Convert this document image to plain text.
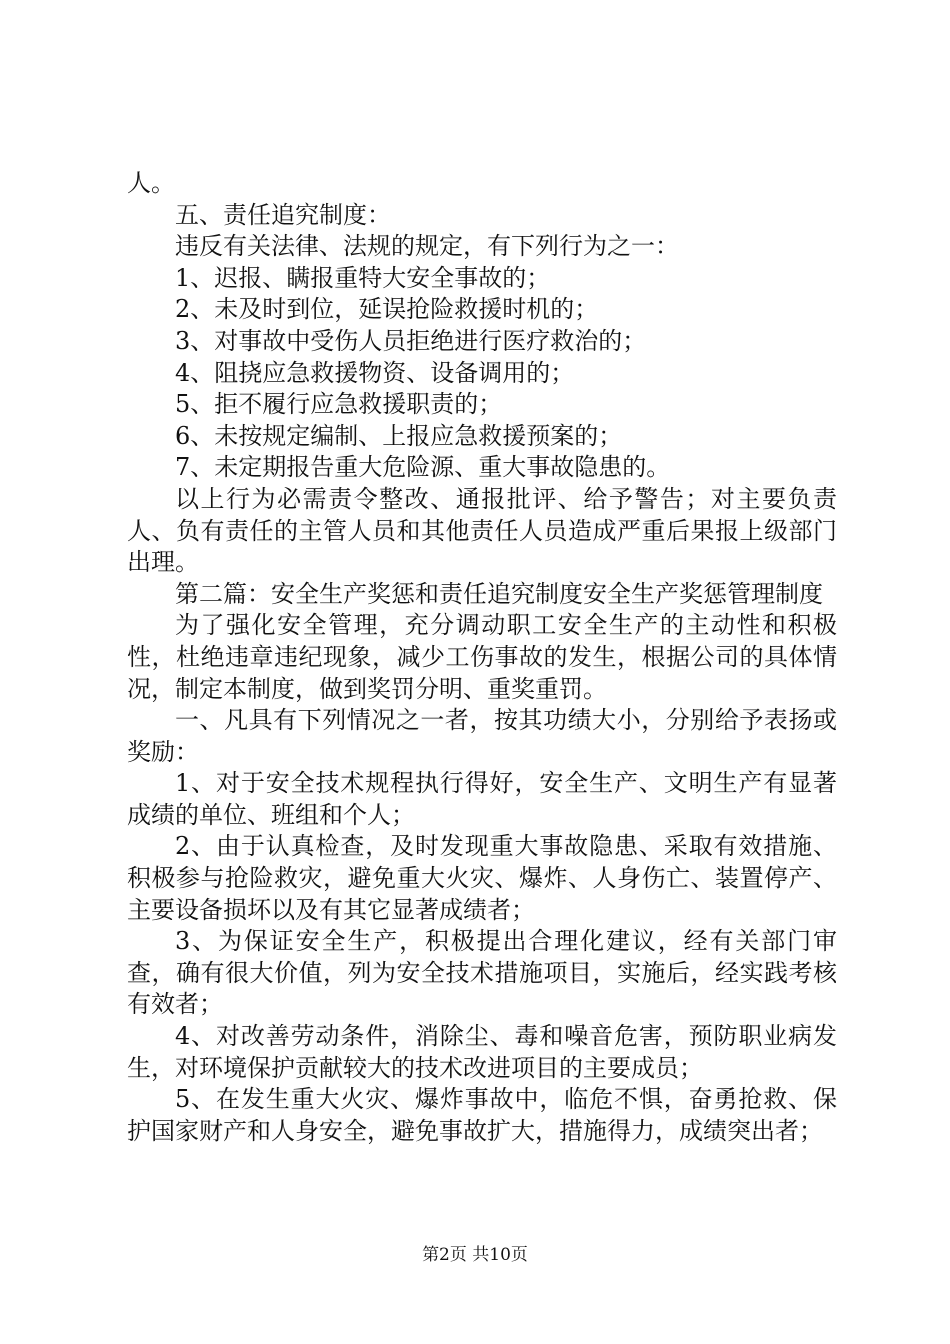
人。

五、责任追究制度：

违反有关法律、法规的规定，有下列行为之一：

1、迟报、瞒报重特大安全事故的；

2、未及时到位，延误抢险救援时机的；

3、对事故中受伤人员拒绝进行医疗救治的；

4、阻挠应急救援物资、设备调用的；

5、拒不履行应急救援职责的；

6、未按规定编制、上报应急救援预案的；

7、未定期报告重大危险源、重大事故隐患的。

以上行为必需责令整改、通报批评、给予警告；对主要负责人、负有责任的主管人员和其他责任人员造成严重后果报上级部门出理。

第二篇：安全生产奖惩和责任追究制度安全生产奖惩管理制度

为了强化安全管理，充分调动职工安全生产的主动性和积极性，杜绝违章违纪现象，减少工伤事故的发生，根据公司的具体情况，制定本制度，做到奖罚分明、重奖重罚。

一、凡具有下列情况之一者，按其功绩大小，分别给予表扬或奖励：

1、对于安全技术规程执行得好，安全生产、文明生产有显著成绩的单位、班组和个人；

2、由于认真检查，及时发现重大事故隐患、采取有效措施、积极参与抢险救灾，避免重大火灾、爆炸、人身伤亡、装置停产、主要设备损坏以及有其它显著成绩者；

3、为保证安全生产，积极提出合理化建议，经有关部门审查，确有很大价值，列为安全技术措施项目，实施后，经实践考核有效者；

4、对改善劳动条件，消除尘、毒和噪音危害，预防职业病发生，对环境保护贡献较大的技术改进项目的主要成员；

5、在发生重大火灾、爆炸事故中，临危不惧，奋勇抢救、保护国家财产和人身安全，避免事故扩大，措施得力，成绩突出者；

第2页 共10页
